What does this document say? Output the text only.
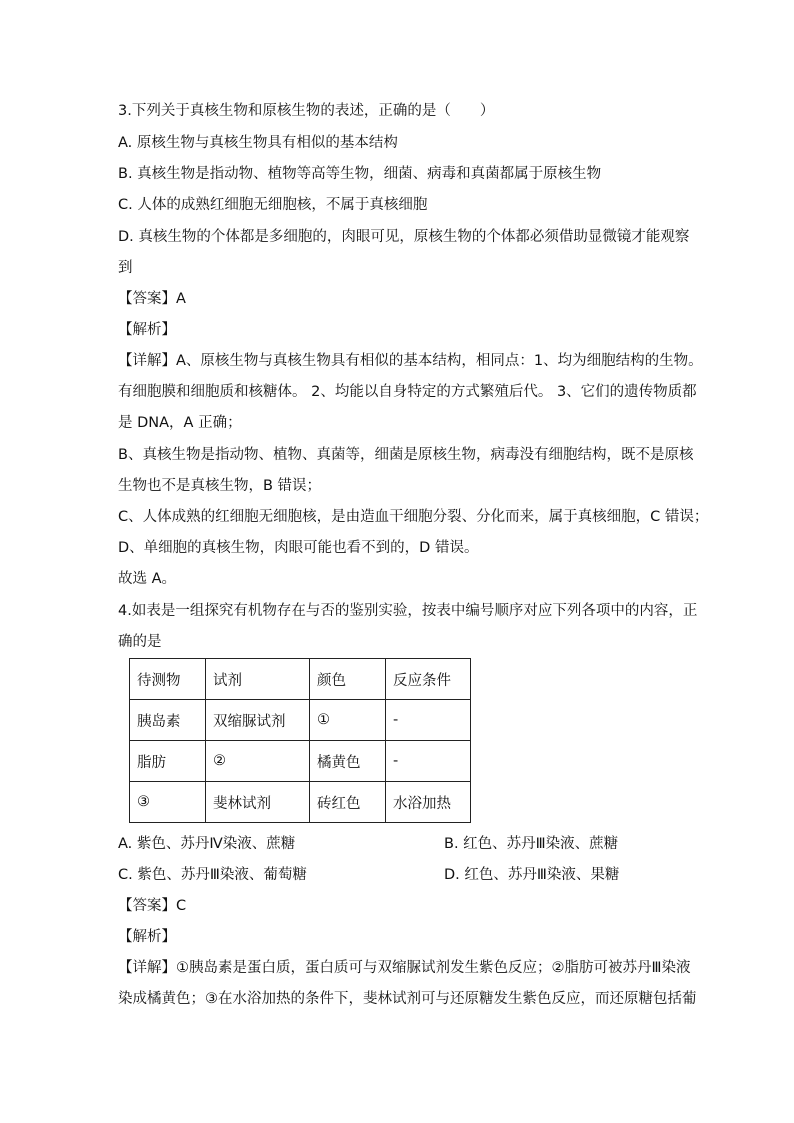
3.下列关于真核生物和原核生物的表述，正确的是（　　）
A. 原核生物与真核生物具有相似的基本结构
B. 真核生物是指动物、植物等高等生物，细菌、病毒和真菌都属于原核生物
C. 人体的成熟红细胞无细胞核，不属于真核细胞
D. 真核生物的个体都是多细胞的，肉眼可见，原核生物的个体都必须借助显微镜才能观察
到
【答案】A
【解析】
【详解】A、原核生物与真核生物具有相似的基本结构，相同点：1、均为细胞结构的生物。
有细胞膜和细胞质和核糖体。 2、均能以自身特定的方式繁殖后代。 3、它们的遗传物质都
是 DNA，A 正确；
B、真核生物是指动物、植物、真菌等，细菌是原核生物，病毒没有细胞结构，既不是原核
生物也不是真核生物，B 错误；
C、人体成熟的红细胞无细胞核，是由造血干细胞分裂、分化而来，属于真核细胞，C 错误；
D、单细胞的真核生物，肉眼可能也看不到的，D 错误。
故选 A。
4.如表是一组探究有机物存在与否的鉴别实验，按表中编号顺序对应下列各项中的内容，正
确的是
待测物	试剂	颜色	反应条件
胰岛素	双缩脲试剂	①	-
脂肪	②	橘黄色	-
③	斐林试剂	砖红色	水浴加热
A. 紫色、苏丹Ⅳ染液、蔗糖	B. 红色、苏丹Ⅲ染液、蔗糖
C. 紫色、苏丹Ⅲ染液、葡萄糖	D. 红色、苏丹Ⅲ染液、果糖
【答案】C
【解析】
【详解】①胰岛素是蛋白质，蛋白质可与双缩脲试剂发生紫色反应；②脂肪可被苏丹Ⅲ染液
染成橘黄色；③在水浴加热的条件下，斐林试剂可与还原糖发生紫色反应，而还原糖包括葡
